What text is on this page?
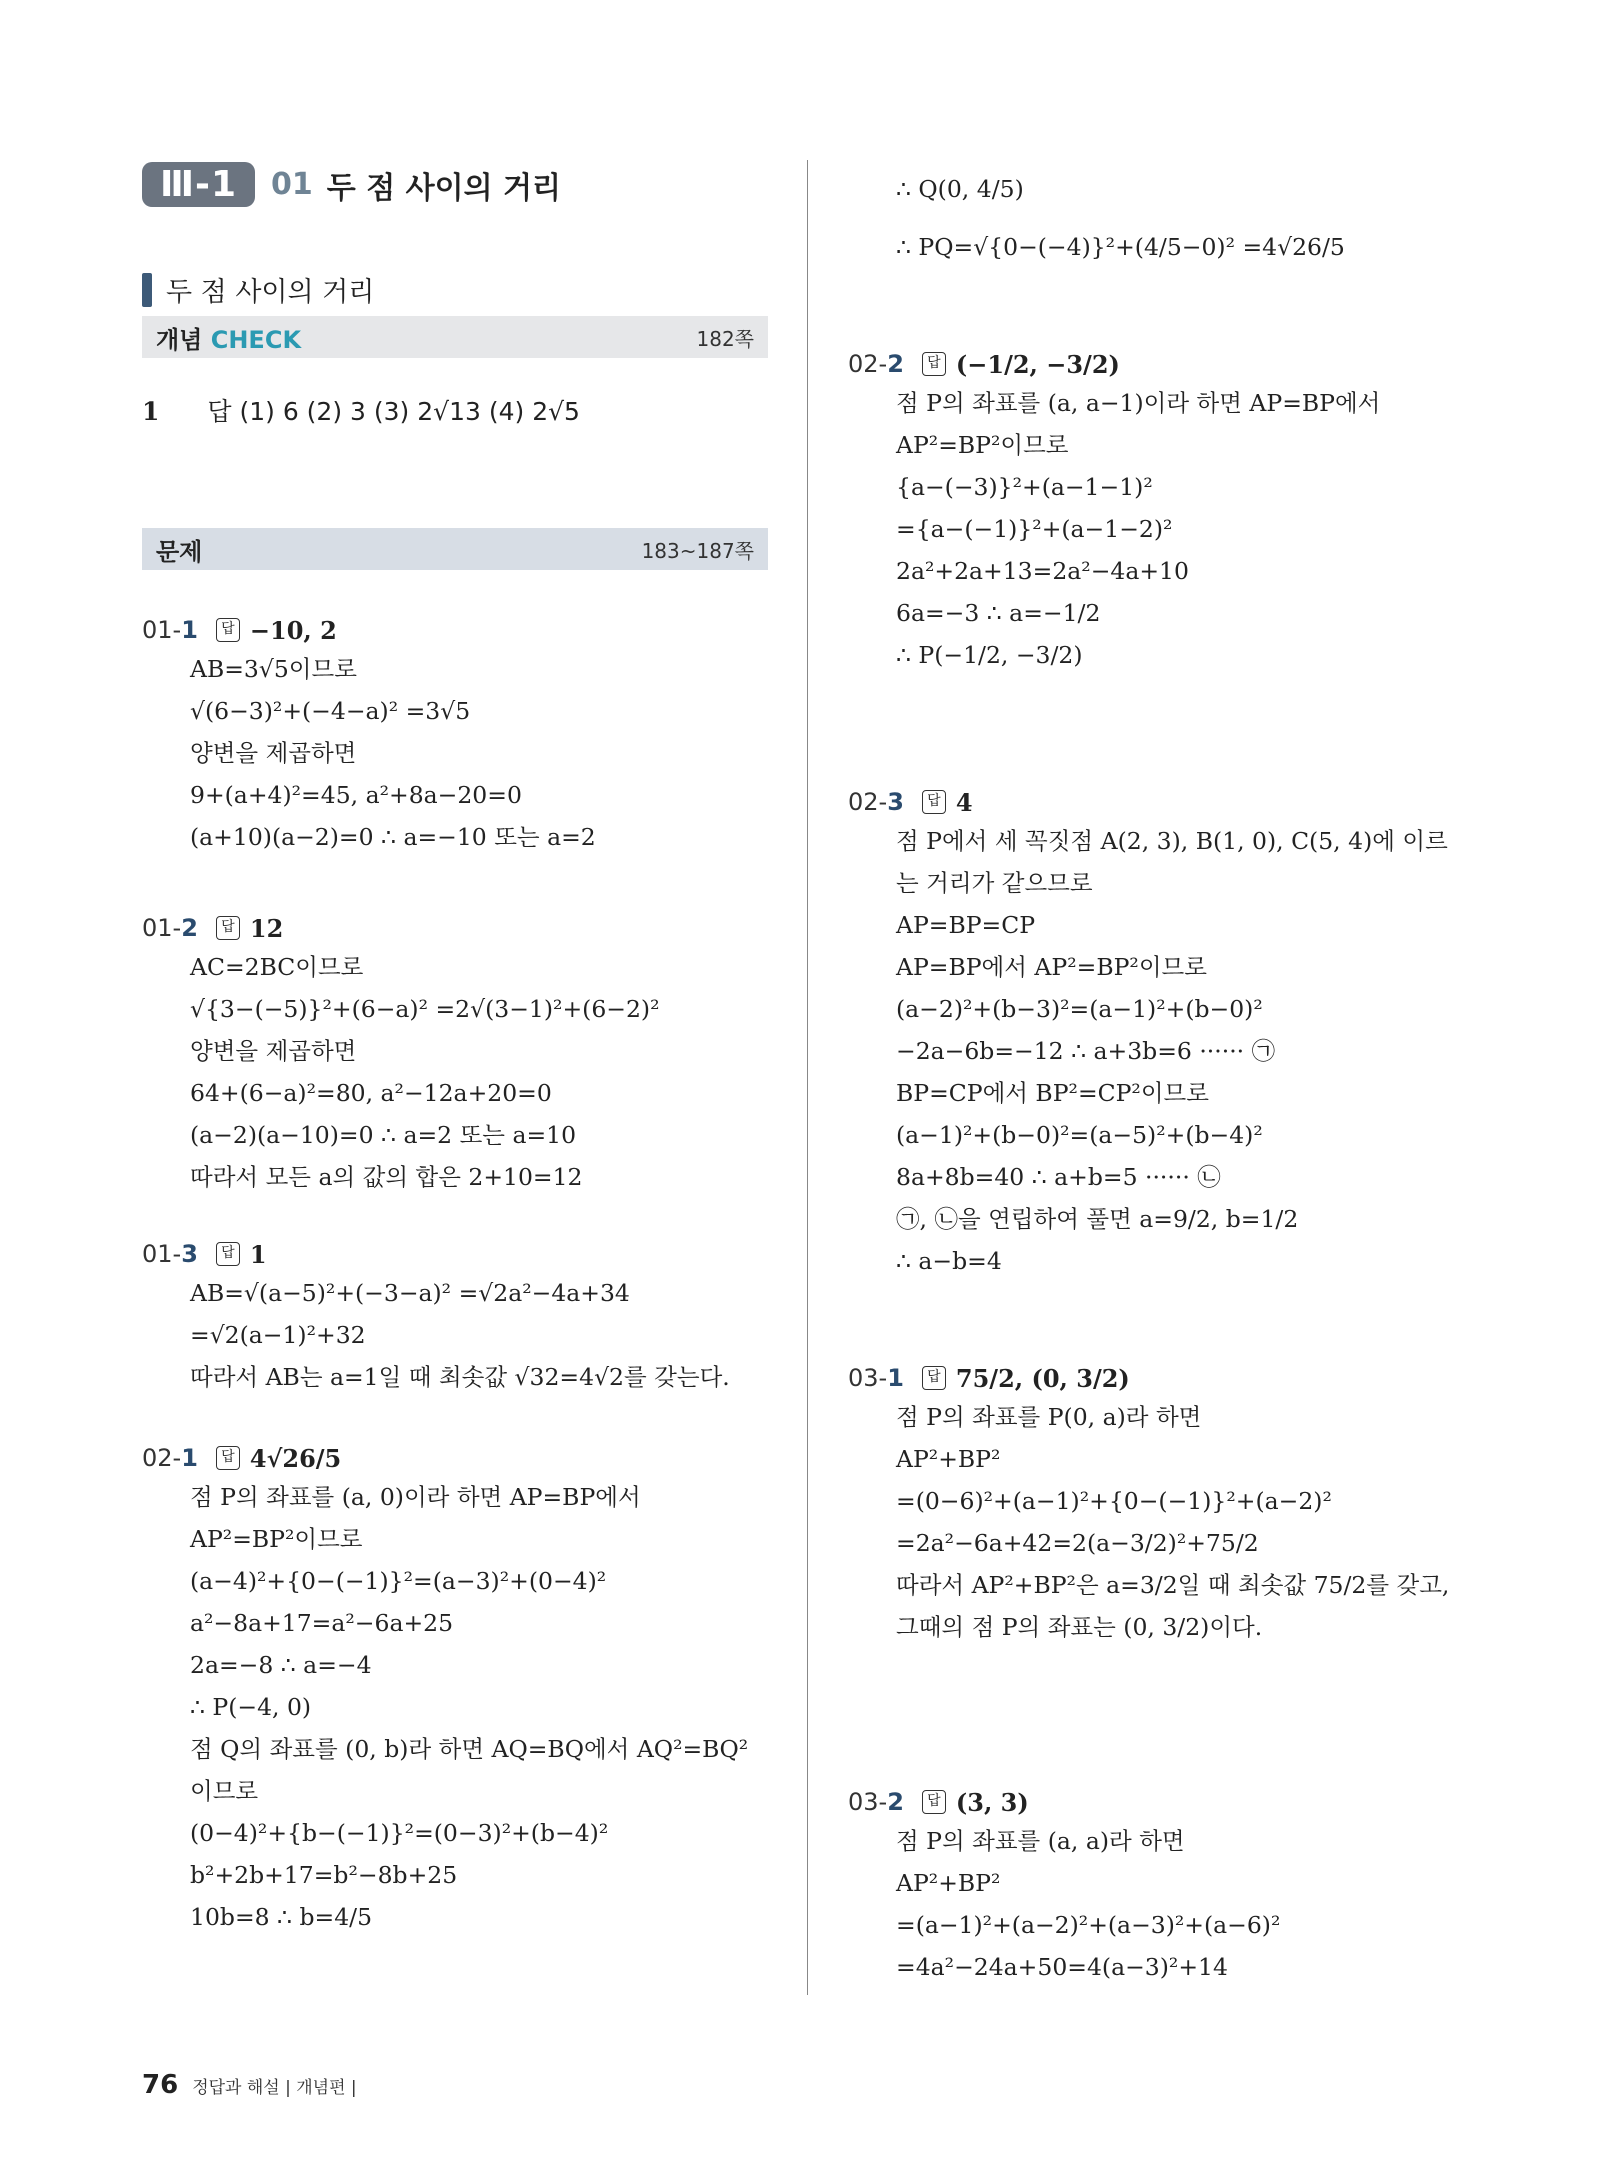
Ⅲ-1	01 두 점 사이의 거리
두 점 사이의 거리
개념 CHECK	182쪽
1 답 (1) 6 (2) 3 (3) 2√13 (4) 2√5
문제	183~187쪽
01-1	답 −10, 2
AB=3√5이므로
√(6−3)²+(−4−a)² =3√5
양변을 제곱하면
9+(a+4)²=45, a²+8a−20=0
(a+10)(a−2)=0 ∴ a=−10 또는 a=2
01-2	답 12
AC=2BC이므로
√{3−(−5)}²+(6−a)² =2√(3−1)²+(6−2)²
양변을 제곱하면
64+(6−a)²=80, a²−12a+20=0
(a−2)(a−10)=0 ∴ a=2 또는 a=10
따라서 모든 a의 값의 합은 2+10=12
01-3	답 1
AB=√(a−5)²+(−3−a)² =√2a²−4a+34
=√2(a−1)²+32
따라서 AB는 a=1일 때 최솟값 √32=4√2를 갖는다.
02-1	답 4√26/5
점 P의 좌표를 (a, 0)이라 하면 AP=BP에서
AP²=BP²이므로
(a−4)²+{0−(−1)}²=(a−3)²+(0−4)²
a²−8a+17=a²−6a+25
2a=−8 ∴ a=−4
∴ P(−4, 0)
점 Q의 좌표를 (0, b)라 하면 AQ=BQ에서 AQ²=BQ²
이므로
(0−4)²+{b−(−1)}²=(0−3)²+(b−4)²
b²+2b+17=b²−8b+25
10b=8 ∴ b=4/5
∴ Q(0, 4/5)
∴ PQ=√{0−(−4)}²+(4/5−0)² =4√26/5
02-2	답 (−1/2, −3/2)
점 P의 좌표를 (a, a−1)이라 하면 AP=BP에서
AP²=BP²이므로
{a−(−3)}²+(a−1−1)²
={a−(−1)}²+(a−1−2)²
2a²+2a+13=2a²−4a+10
6a=−3 ∴ a=−1/2
∴ P(−1/2, −3/2)
02-3	답 4
점 P에서 세 꼭짓점 A(2, 3), B(1, 0), C(5, 4)에 이르
는 거리가 같으므로
AP=BP=CP
AP=BP에서 AP²=BP²이므로
(a−2)²+(b−3)²=(a−1)²+(b−0)²
−2a−6b=−12 ∴ a+3b=6 ······ ㉠
BP=CP에서 BP²=CP²이므로
(a−1)²+(b−0)²=(a−5)²+(b−4)²
8a+8b=40 ∴ a+b=5 ······ ㉡
㉠, ㉡을 연립하여 풀면 a=9/2, b=1/2
∴ a−b=4
03-1	답 75/2, (0, 3/2)
점 P의 좌표를 P(0, a)라 하면
AP²+BP²
=(0−6)²+(a−1)²+{0−(−1)}²+(a−2)²
=2a²−6a+42=2(a−3/2)²+75/2
따라서 AP²+BP²은 a=3/2일 때 최솟값 75/2를 갖고,
그때의 점 P의 좌표는 (0, 3/2)이다.
03-2	답 (3, 3)
점 P의 좌표를 (a, a)라 하면
AP²+BP²
=(a−1)²+(a−2)²+(a−3)²+(a−6)²
=4a²−24a+50=4(a−3)²+14
76 정답과 해설 | 개념편 |
